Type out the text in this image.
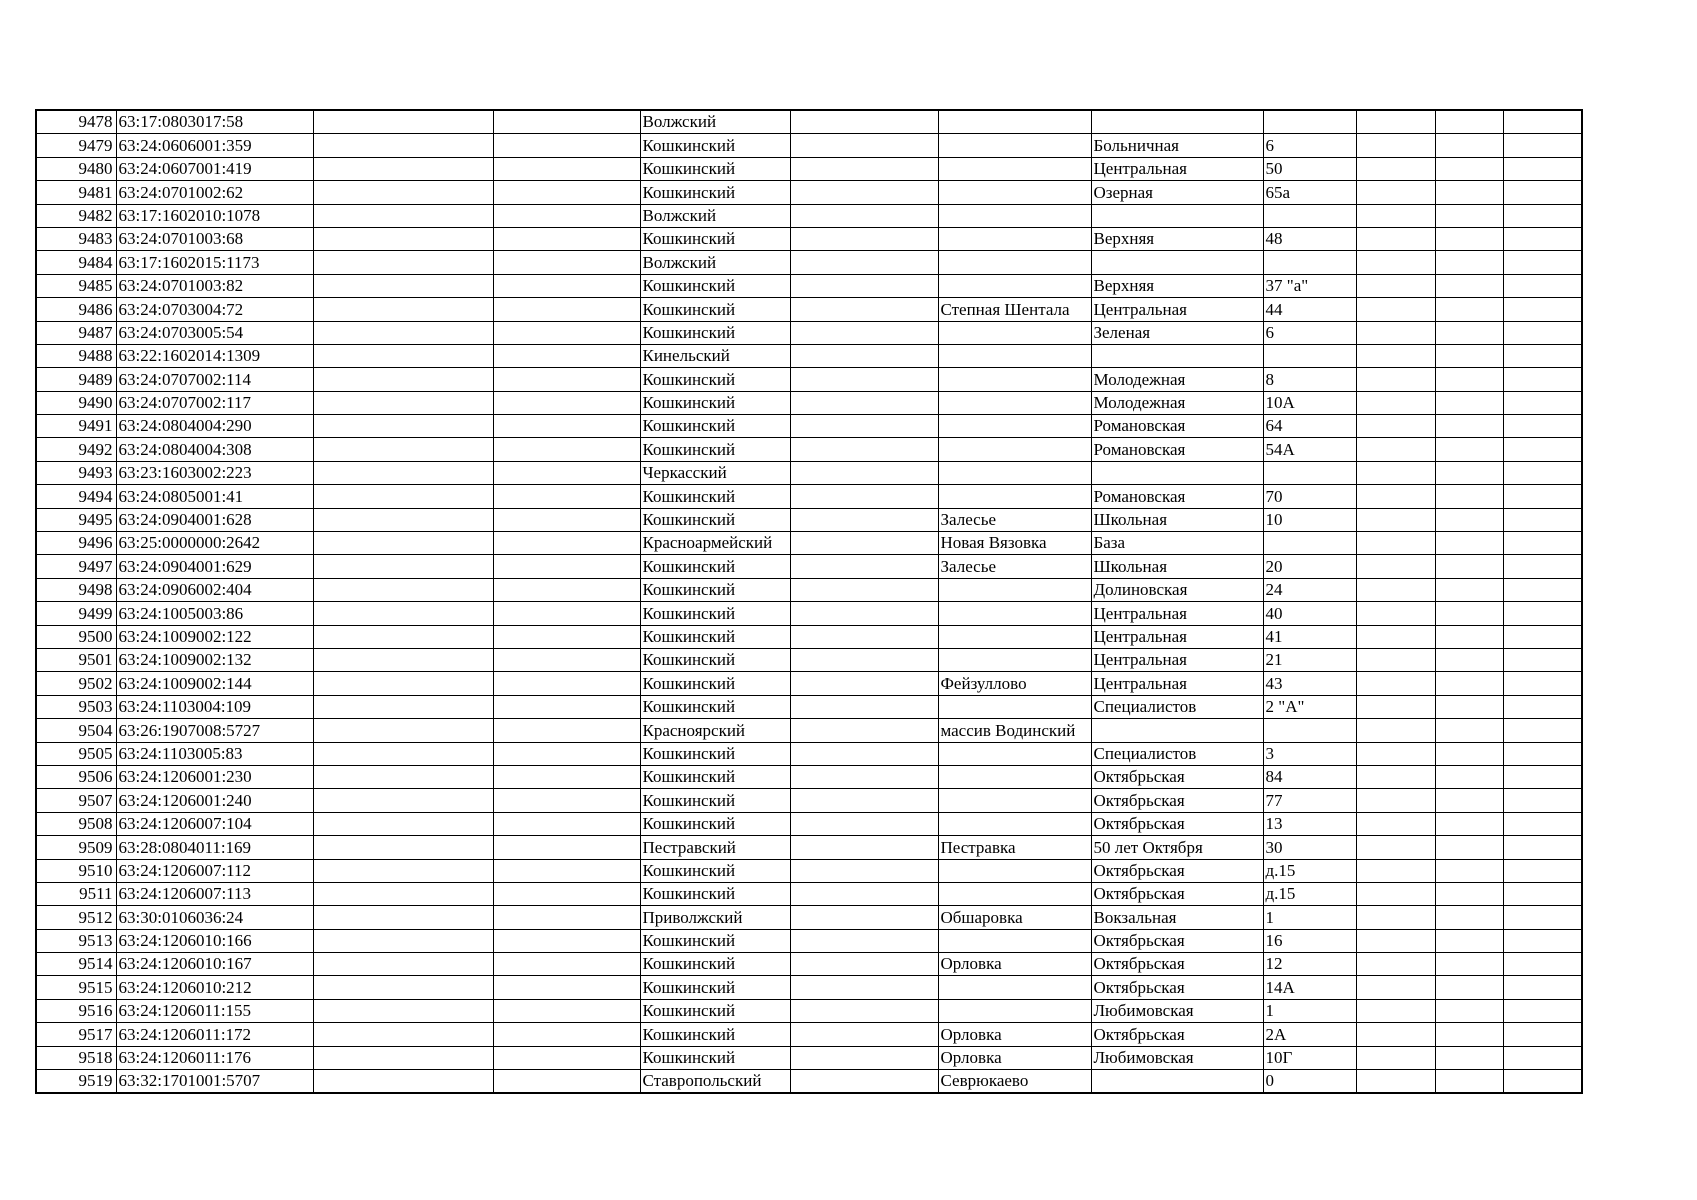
9478	63:17:0803017:58			Волжский							
9479	63:24:0606001:359			Кошкинский			Больничная	6			
9480	63:24:0607001:419			Кошкинский			Центральная	50			
9481	63:24:0701002:62			Кошкинский			Озерная	65а			
9482	63:17:1602010:1078			Волжский							
9483	63:24:0701003:68			Кошкинский			Верхняя	48			
9484	63:17:1602015:1173			Волжский							
9485	63:24:0701003:82			Кошкинский			Верхняя	37 "а"			
9486	63:24:0703004:72			Кошкинский		Степная Шентала	Центральная	44			
9487	63:24:0703005:54			Кошкинский			Зеленая	6			
9488	63:22:1602014:1309			Кинельский							
9489	63:24:0707002:114			Кошкинский			Молодежная	8			
9490	63:24:0707002:117			Кошкинский			Молодежная	10А			
9491	63:24:0804004:290			Кошкинский			Романовская	64			
9492	63:24:0804004:308			Кошкинский			Романовская	54А			
9493	63:23:1603002:223			Черкасский							
9494	63:24:0805001:41			Кошкинский			Романовская	70			
9495	63:24:0904001:628			Кошкинский		Залесье	Школьная	10			
9496	63:25:0000000:2642			Красноармейский		Новая Вязовка	База				
9497	63:24:0904001:629			Кошкинский		Залесье	Школьная	20			
9498	63:24:0906002:404			Кошкинский			Долиновская	24			
9499	63:24:1005003:86			Кошкинский			Центральная	40			
9500	63:24:1009002:122			Кошкинский			Центральная	41			
9501	63:24:1009002:132			Кошкинский			Центральная	21			
9502	63:24:1009002:144			Кошкинский		Фейзуллово	Центральная	43			
9503	63:24:1103004:109			Кошкинский			Специалистов	2 "А"			
9504	63:26:1907008:5727			Красноярский		массив Водинский					
9505	63:24:1103005:83			Кошкинский			Специалистов	3			
9506	63:24:1206001:230			Кошкинский			Октябрьская	84			
9507	63:24:1206001:240			Кошкинский			Октябрьская	77			
9508	63:24:1206007:104			Кошкинский			Октябрьская	13			
9509	63:28:0804011:169			Пестравский		Пестравка	50 лет Октября	30			
9510	63:24:1206007:112			Кошкинский			Октябрьская	д.15			
9511	63:24:1206007:113			Кошкинский			Октябрьская	д.15			
9512	63:30:0106036:24			Приволжский		Обшаровка	Вокзальная	1			
9513	63:24:1206010:166			Кошкинский			Октябрьская	16			
9514	63:24:1206010:167			Кошкинский		Орловка	Октябрьская	12			
9515	63:24:1206010:212			Кошкинский			Октябрьская	14А			
9516	63:24:1206011:155			Кошкинский			Любимовская	1			
9517	63:24:1206011:172			Кошкинский		Орловка	Октябрьская	2А			
9518	63:24:1206011:176			Кошкинский		Орловка	Любимовская	10Г			
9519	63:32:1701001:5707			Ставропольский		Севрюкаево		0			
